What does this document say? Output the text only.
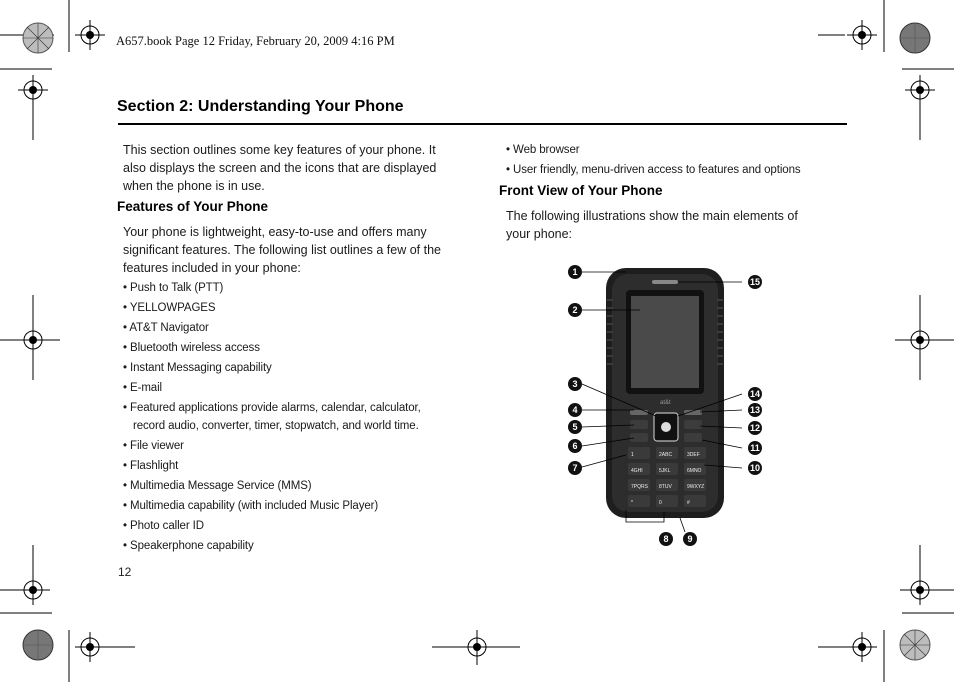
A657.book Page 12 Friday, February 20, 2009 4:16 PM
Section 2: Understanding Your Phone
This section outlines some key features of your phone. It also displays the screen and the icons that are displayed when the phone is in use.
Features of Your Phone
Your phone is lightweight, easy-to-use and offers many significant features. The following list outlines a few of the features included in your phone:
• Push to Talk (PTT)
• YELLOWPAGES
• AT&T Navigator
• Bluetooth wireless access
• Instant Messaging capability
• E-mail
• Featured applications provide alarms, calendar, calculator, record audio, converter, timer, stopwatch, and world time.
• File viewer
• Flashlight
• Multimedia Message Service (MMS)
• Multimedia capability (with included Music Player)
• Photo caller ID
• Speakerphone capability
12
• Web browser
• User friendly, menu-driven access to features and options
Front View of Your Phone
The following illustrations show the main elements of your phone:
at&t
1	2ABC	3DEF
4GHI	5JKL	6MNO
7PQRS 8TUV	9WXYZ
*	0	#
1
2
3
4
5
6
7
8	9
10
11
12
13
14
15
